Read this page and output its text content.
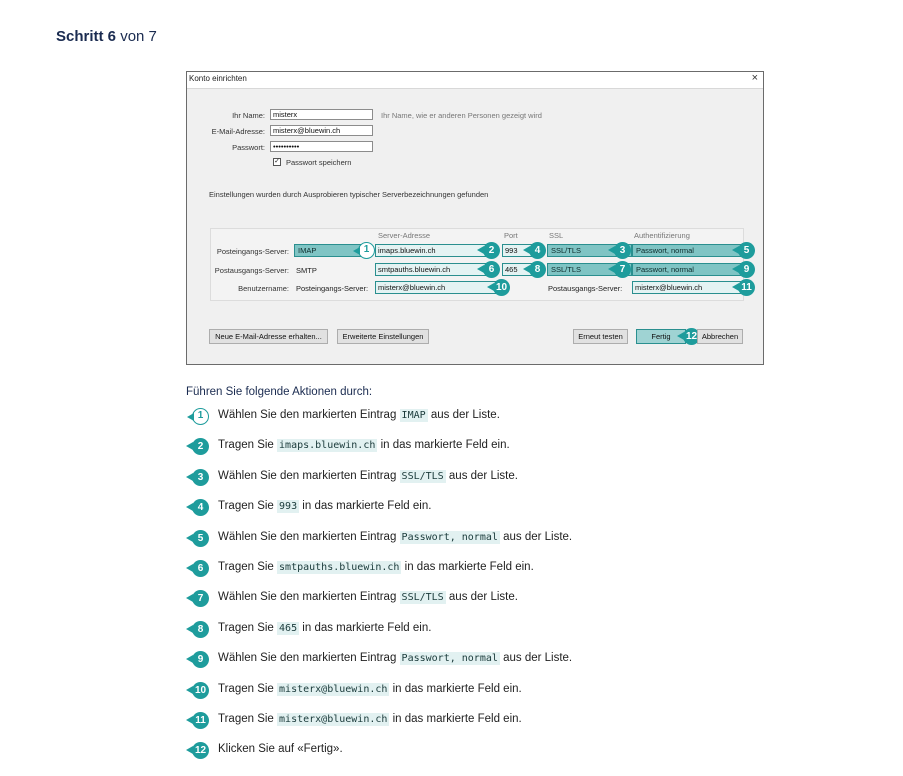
Schritt 6 von 7
Konto einrichten	×
Ihr Name:	misterx	Ihr Name, wie er anderen Personen gezeigt wird
E-Mail-Adresse:	misterx@bluewin.ch
Passwort:	••••••••••
✓ Passwort speichern
Einstellungen wurden durch Ausprobieren typischer Serverbezeichnungen gefunden
Server-Adresse	Port	SSL	Authentifizierung
Posteingangs-Server:	IMAP	1	imaps.bluewin.ch	2	993	4	SSL/TLS	3	Passwort, normal	5
Postausgangs-Server: SMTP	smtpauths.bluewin.ch	6	465	8	SSL/TLS	7	Passwort, normal	9
Benutzername: Posteingangs-Server:	misterx@bluewin.ch	10	Postausgangs-Server:	misterx@bluewin.ch	11
Neue E-Mail-Adresse erhalten...	Erweiterte Einstellungen	Erneut testen	Fertig	12 Abbrechen
Führen Sie folgende Aktionen durch:
1	Wählen Sie den markierten Eintrag IMAP aus der Liste.
2	Tragen Sie imaps.bluewin.ch in das markierte Feld ein.
3	Wählen Sie den markierten Eintrag SSL/TLS aus der Liste.
4	Tragen Sie 993 in das markierte Feld ein.
5	Wählen Sie den markierten Eintrag Passwort, normal aus der Liste.
6	Tragen Sie smtpauths.bluewin.ch in das markierte Feld ein.
7	Wählen Sie den markierten Eintrag SSL/TLS aus der Liste.
8	Tragen Sie 465 in das markierte Feld ein.
9	Wählen Sie den markierten Eintrag Passwort, normal aus der Liste.
10 Tragen Sie misterx@bluewin.ch in das markierte Feld ein.
11 Tragen Sie misterx@bluewin.ch in das markierte Feld ein.
12 Klicken Sie auf «Fertig».
